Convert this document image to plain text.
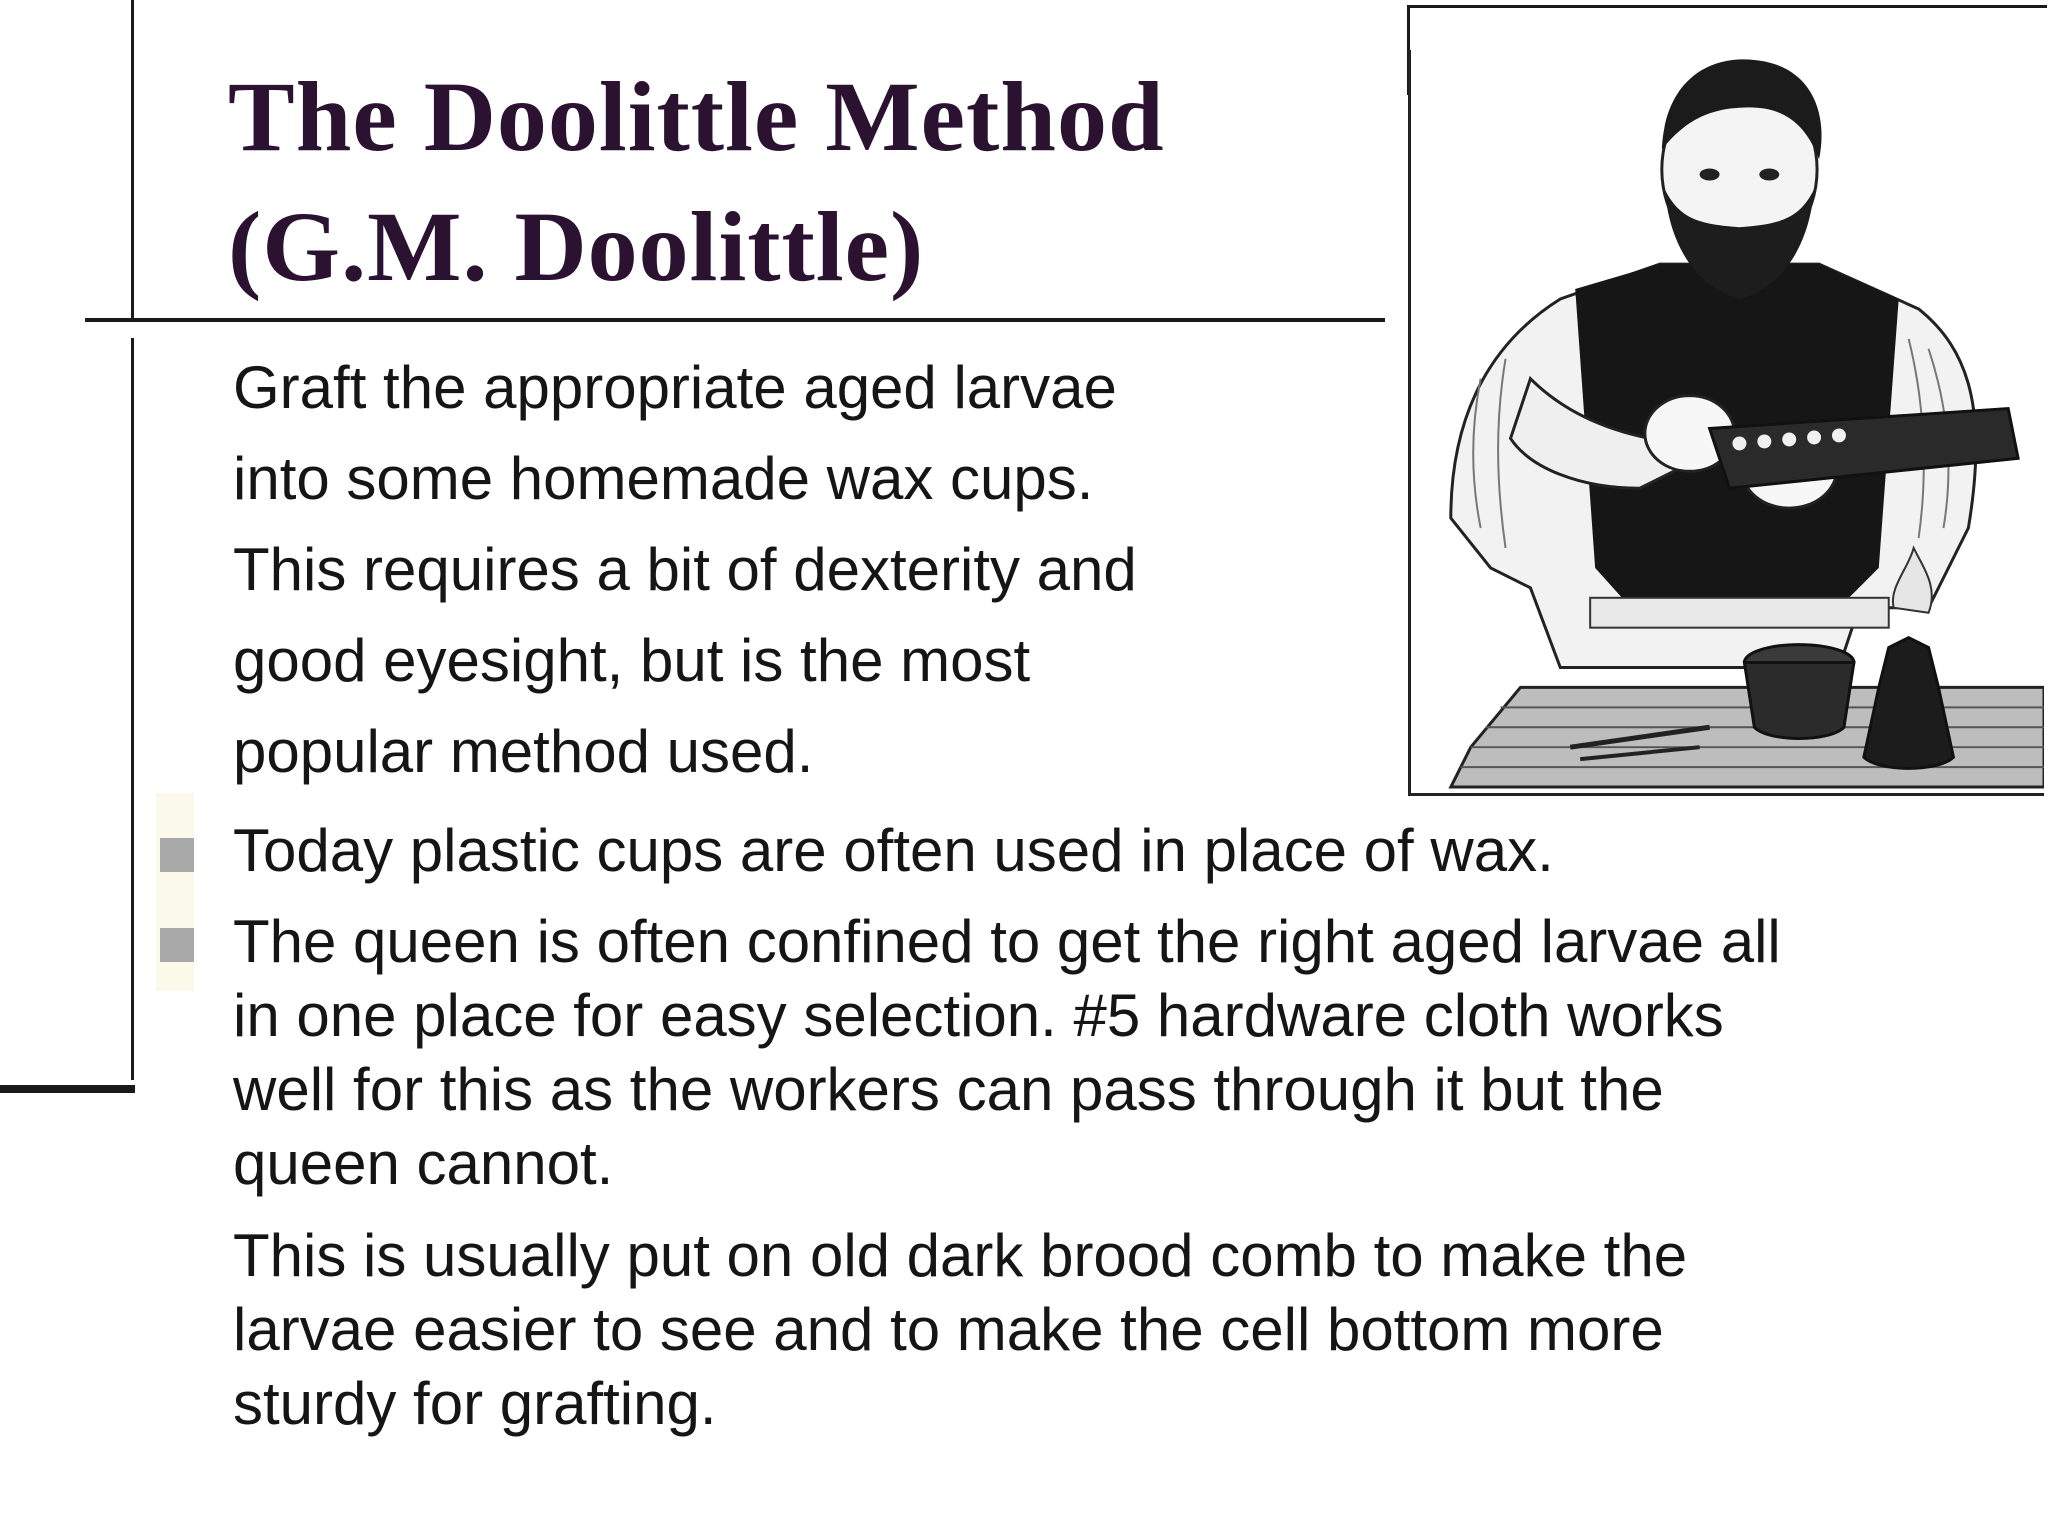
The Doolittle Method
(G.M. Doolittle)

Graft the appropriate aged larvae
into some homemade wax cups.
This requires a bit of dexterity and
good eyesight, but is the most
popular method used.

Today plastic cups are often used in place of wax.

The queen is often confined to get the right aged larvae all
in one place for easy selection. #5 hardware cloth works
well for this as the workers can pass through it but the
queen cannot.

This is usually put on old dark brood comb to make the
larvae easier to see and to make the cell bottom more
sturdy for grafting.
